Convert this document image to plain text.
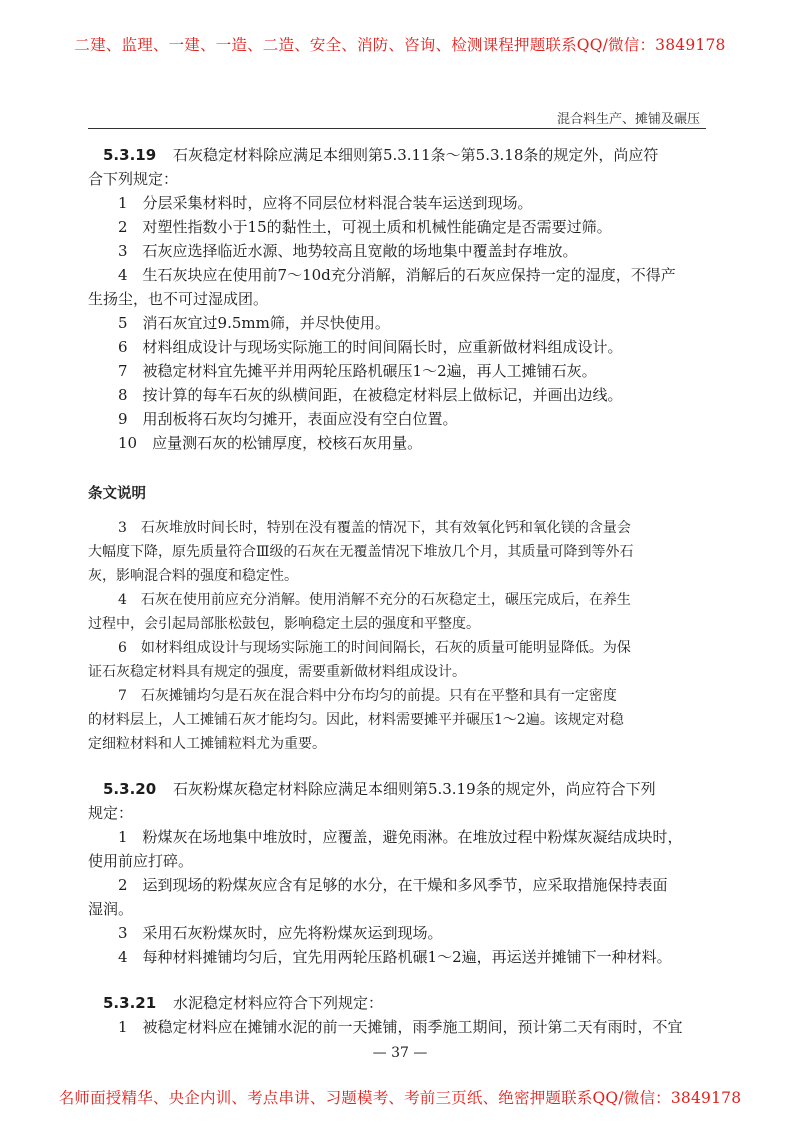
二建、监理、一建、一造、二造、安全、消防、咨询、检测课程押题联系QQ/微信：3849178
混合料生产、摊铺及碾压
5.3.19 石灰稳定材料除应满足本细则第5.3.11条～第5.3.18条的规定外，尚应符
合下列规定：
1　分层采集材料时，应将不同层位材料混合装车运送到现场。
2　对塑性指数小于15的黏性土，可视土质和机械性能确定是否需要过筛。
3　石灰应选择临近水源、地势较高且宽敞的场地集中覆盖封存堆放。
4　生石灰块应在使用前7～10d充分消解，消解后的石灰应保持一定的湿度，不得产
生扬尘，也不可过湿成团。
5　消石灰宜过9.5mm筛，并尽快使用。
6　材料组成设计与现场实际施工的时间间隔长时，应重新做材料组成设计。
7　被稳定材料宜先摊平并用两轮压路机碾压1～2遍，再人工摊铺石灰。
8　按计算的每车石灰的纵横间距，在被稳定材料层上做标记，并画出边线。
9　用刮板将石灰均匀摊开，表面应没有空白位置。
10　应量测石灰的松铺厚度，校核石灰用量。
条文说明
3　石灰堆放时间长时，特别在没有覆盖的情况下，其有效氧化钙和氧化镁的含量会
大幅度下降，原先质量符合Ⅲ级的石灰在无覆盖情况下堆放几个月，其质量可降到等外石
灰，影响混合料的强度和稳定性。
4　石灰在使用前应充分消解。使用消解不充分的石灰稳定土，碾压完成后，在养生
过程中，会引起局部胀松鼓包，影响稳定土层的强度和平整度。
6　如材料组成设计与现场实际施工的时间间隔长，石灰的质量可能明显降低。为保
证石灰稳定材料具有规定的强度，需要重新做材料组成设计。
7　石灰摊铺均匀是石灰在混合料中分布均匀的前提。只有在平整和具有一定密度
的材料层上，人工摊铺石灰才能均匀。因此，材料需要摊平并碾压1～2遍。该规定对稳
定细粒材料和人工摊铺粒料尤为重要。
5.3.20 石灰粉煤灰稳定材料除应满足本细则第5.3.19条的规定外，尚应符合下列
规定：
1　粉煤灰在场地集中堆放时，应覆盖，避免雨淋。在堆放过程中粉煤灰凝结成块时，
使用前应打碎。
2　运到现场的粉煤灰应含有足够的水分，在干燥和多风季节，应采取措施保持表面
湿润。
3　采用石灰粉煤灰时，应先将粉煤灰运到现场。
4　每种材料摊铺均匀后，宜先用两轮压路机碾1～2遍，再运送并摊铺下一种材料。
5.3.21 水泥稳定材料应符合下列规定：
1　被稳定材料应在摊铺水泥的前一天摊铺，雨季施工期间，预计第二天有雨时，不宜
— 37 —
名师面授精华、央企内训、考点串讲、习题模考、考前三页纸、绝密押题联系QQ/微信：3849178
